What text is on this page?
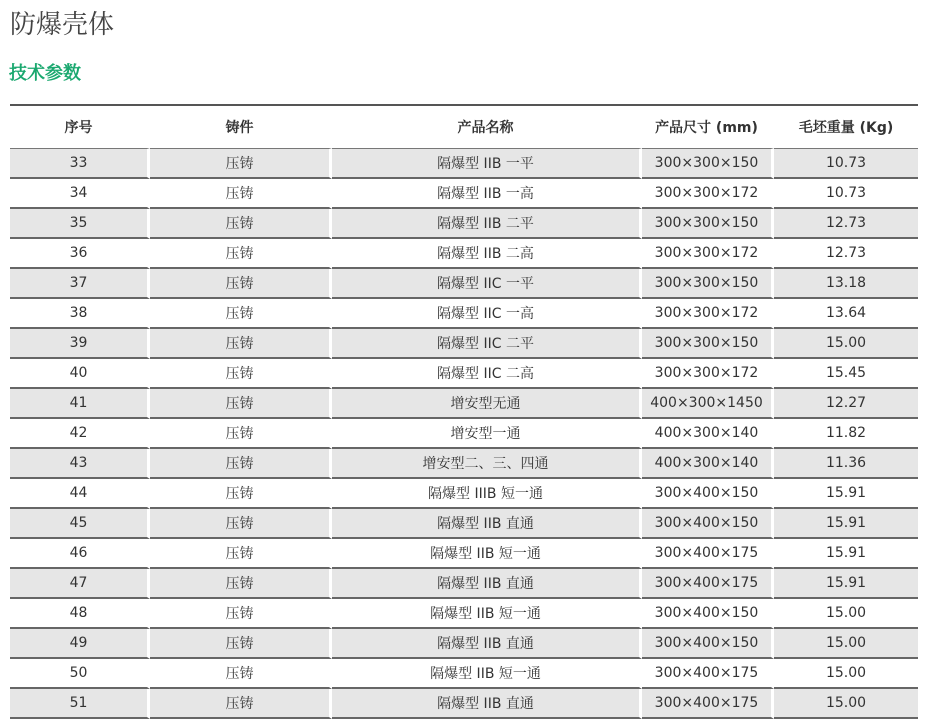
防爆壳体
技术参数
序号	铸件	产品名称	产品尺寸 (mm)	毛坯重量 (Kg)
33	压铸	隔爆型 IIB 一平	300×300×150	10.73
34	压铸	隔爆型 IIB 一高	300×300×172	10.73
35	压铸	隔爆型 IIB 二平	300×300×150	12.73
36	压铸	隔爆型 IIB 二高	300×300×172	12.73
37	压铸	隔爆型 IIC 一平	300×300×150	13.18
38	压铸	隔爆型 IIC 一高	300×300×172	13.64
39	压铸	隔爆型 IIC 二平	300×300×150	15.00
40	压铸	隔爆型 IIC 二高	300×300×172	15.45
41	压铸	增安型无通	400×300×1450	12.27
42	压铸	增安型一通	400×300×140	11.82
43	压铸	增安型二、三、四通	400×300×140	11.36
44	压铸	隔爆型 IIIB 短一通	300×400×150	15.91
45	压铸	隔爆型 IIB 直通	300×400×150	15.91
46	压铸	隔爆型 IIB 短一通	300×400×175	15.91
47	压铸	隔爆型 IIB 直通	300×400×175	15.91
48	压铸	隔爆型 IIB 短一通	300×400×150	15.00
49	压铸	隔爆型 IIB 直通	300×400×150	15.00
50	压铸	隔爆型 IIB 短一通	300×400×175	15.00
51	压铸	隔爆型 IIB 直通	300×400×175	15.00
